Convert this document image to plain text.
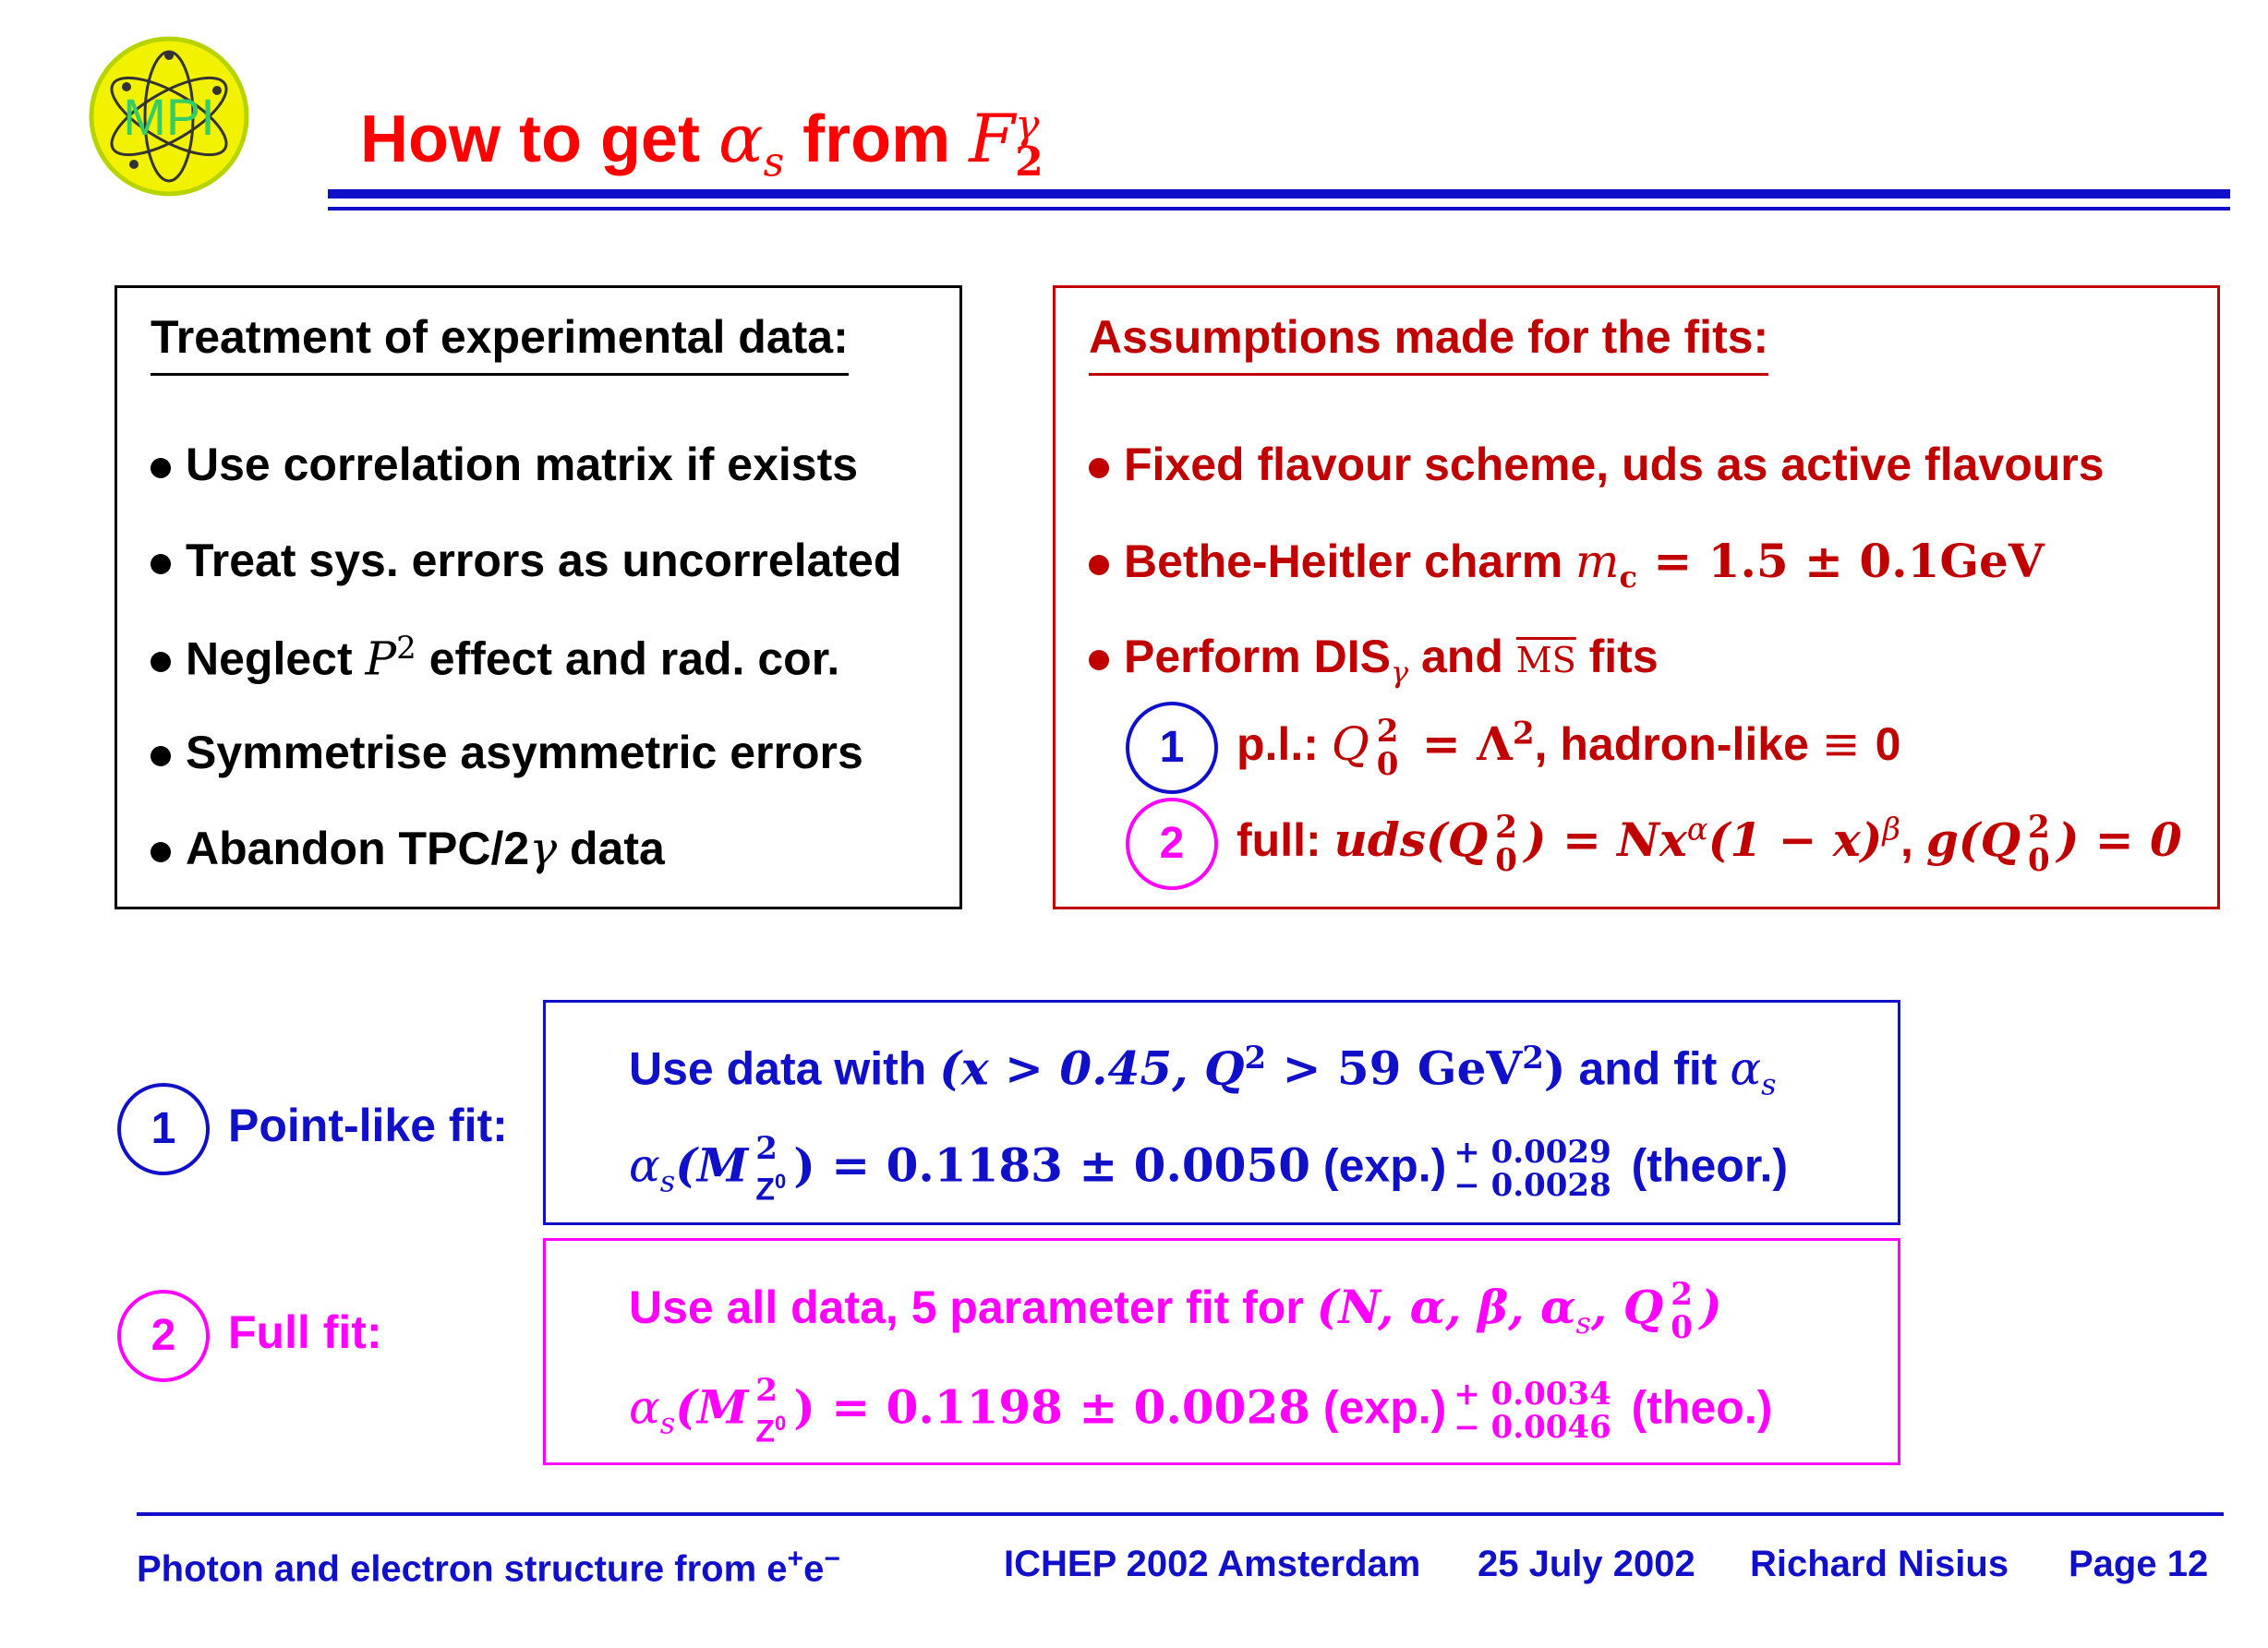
MPI How to get $\alpha_s$ from F γ
2
Treatment of experimental data:
Use correlation matrix if exists
Treat sys. errors as uncorrelated
Neglect $P^2$ effect and rad. cor.
Symmetrise asymmetric errors
Abandon TPC/2γ data
Assumptions made for the fits:
Fixed flavour scheme, uds as active flavours
Bethe-Heitler charm $m_c = 1.5 \pm 0.1GeV$
Perform $DIS_\gamma$ and $\overline{MS}$ fits
1 p.l.: Q 2
$0 = \Lambda^2$, hadron-like ≡ 0
2 full: uds(Q 2
0 ) = $Nx^\alpha(1 - x)^\beta$, g(Q 2
0 ) = 0
1 Point-like fit:
2 Full fit:
Use data with (x > 0.45, $Q^2 > 59$ GeV$^2$) and fit $\alpha_s$
$\alpha_s(M$ 2
$Z^0$ ) = 0.1183 ± 0.0050 (exp.) + 0.0029
− 0.0028 (theor.)
Use all data, 5 parameter fit for (N, α, β, $\alpha_s$, Q 2
0 )
$\alpha_s(M$ 2
$Z^0$ ) = 0.1198 ± 0.0028 (exp.) + 0.0034
− 0.0046 (theo.)
Photon and electron structure from e+e−	ICHEP 2002 Amsterdam 25 July 2002 Richard Nisius Page 12
